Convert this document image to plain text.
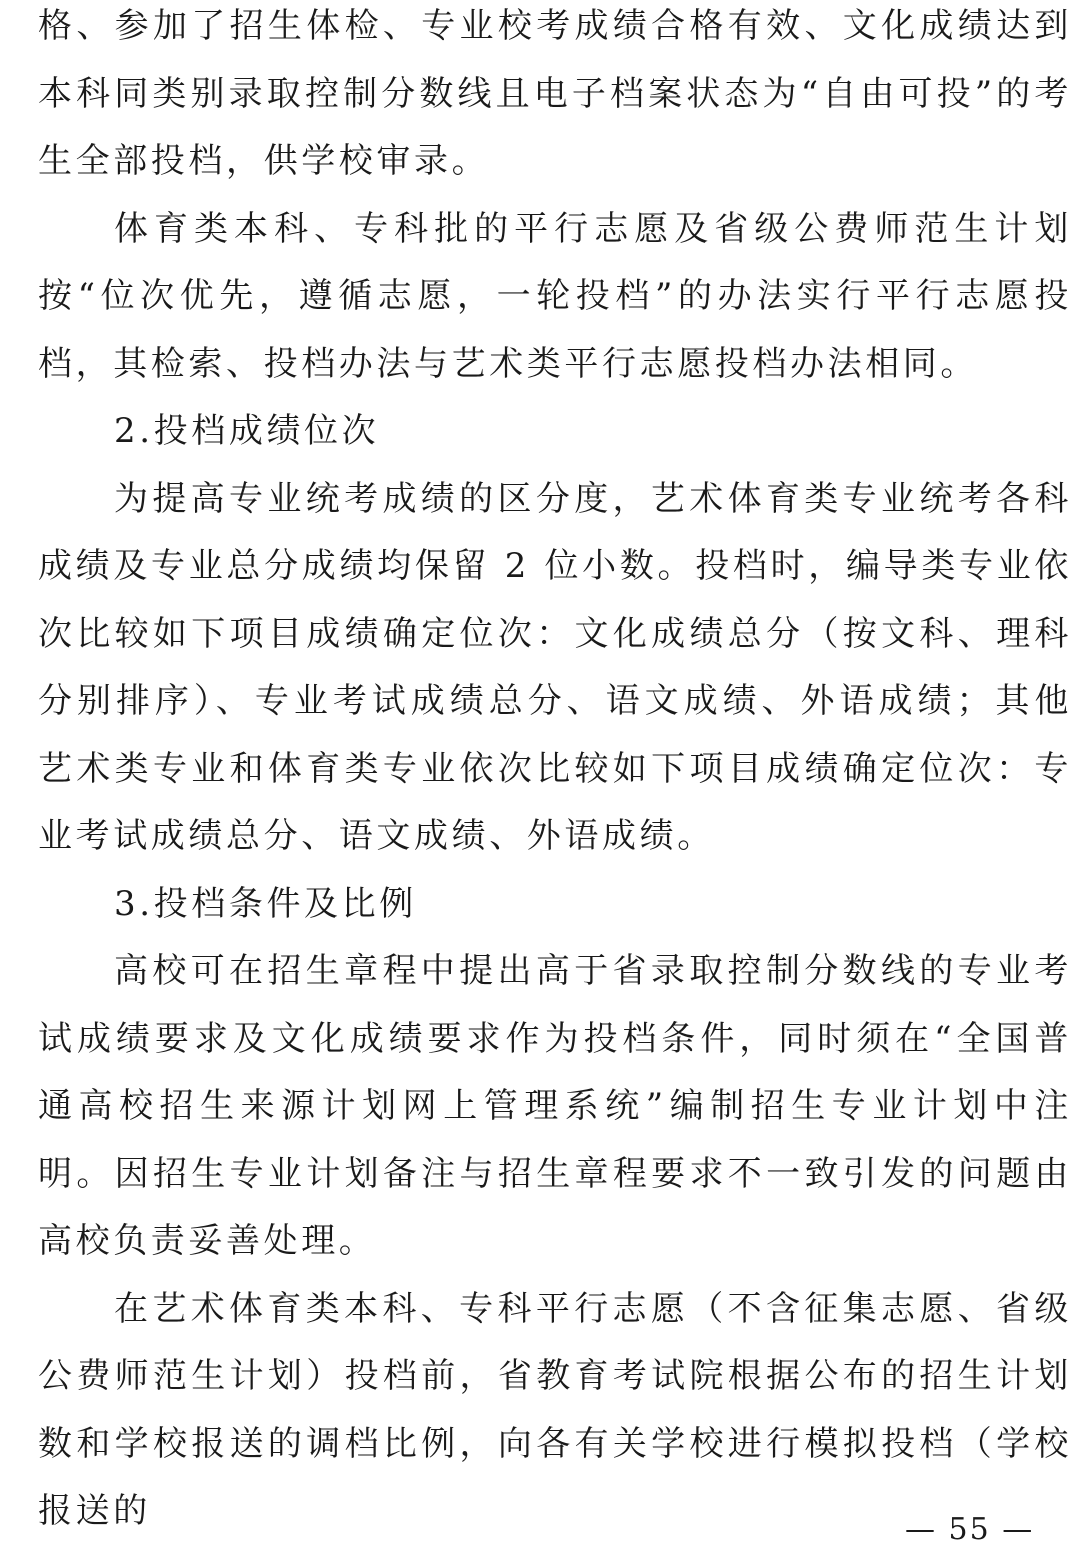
格、参加了招生体检、专业校考成绩合格有效、文化成绩达到本科同类别录取控制分数线且电子档案状态为“自由可投”的考生全部投档，供学校审录。

体育类本科、专科批的平行志愿及省级公费师范生计划按“位次优先，遵循志愿，一轮投档”的办法实行平行志愿投档，其检索、投档办法与艺术类平行志愿投档办法相同。

2.投档成绩位次

为提高专业统考成绩的区分度，艺术体育类专业统考各科成绩及专业总分成绩均保留 2 位小数。投档时，编导类专业依次比较如下项目成绩确定位次：文化成绩总分（按文科、理科分别排序）、专业考试成绩总分、语文成绩、外语成绩；其他艺术类专业和体育类专业依次比较如下项目成绩确定位次：专业考试成绩总分、语文成绩、外语成绩。

3.投档条件及比例

高校可在招生章程中提出高于省录取控制分数线的专业考试成绩要求及文化成绩要求作为投档条件，同时须在“全国普通高校招生来源计划网上管理系统”编制招生专业计划中注明。因招生专业计划备注与招生章程要求不一致引发的问题由高校负责妥善处理。

在艺术体育类本科、专科平行志愿（不含征集志愿、省级公费师范生计划）投档前，省教育考试院根据公布的招生计划数和学校报送的调档比例，向各有关学校进行模拟投档（学校报送的	— 55 —
